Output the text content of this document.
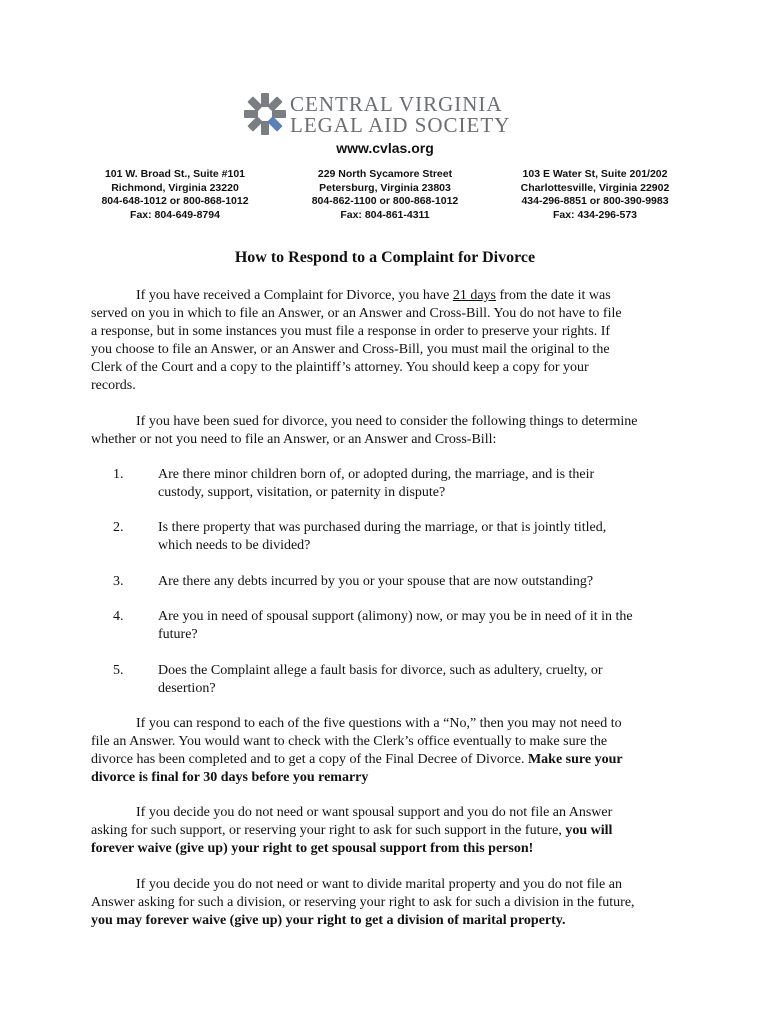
CENTRAL VIRGINIA
LEGAL AID SOCIETY
www.cvlas.org
101 W. Broad St., Suite #101
Richmond, Virginia 23220
804-648-1012 or 800-868-1012
Fax: 804-649-8794
229 North Sycamore Street
Petersburg, Virginia 23803
804-862-1100 or 800-868-1012
Fax: 804-861-4311
103 E Water St, Suite 201/202
Charlottesville, Virginia 22902
434-296-8851 or 800-390-9983
Fax: 434-296-573
How to Respond to a Complaint for Divorce
If you have received a Complaint for Divorce, you have 21 days from the date it was
served on you in which to file an Answer, or an Answer and Cross-Bill. You do not have to file
a response, but in some instances you must file a response in order to preserve your rights. If
you choose to file an Answer, or an Answer and Cross-Bill, you must mail the original to the
Clerk of the Court and a copy to the plaintiff’s attorney. You should keep a copy for your
records.
If you have been sued for divorce, you need to consider the following things to determine
whether or not you need to file an Answer, or an Answer and Cross-Bill:
1. Are there minor children born of, or adopted during, the marriage, and is their
custody, support, visitation, or paternity in dispute?
2. Is there property that was purchased during the marriage, or that is jointly titled,
which needs to be divided?
3. Are there any debts incurred by you or your spouse that are now outstanding?
4. Are you in need of spousal support (alimony) now, or may you be in need of it in the
future?
5. Does the Complaint allege a fault basis for divorce, such as adultery, cruelty, or
desertion?
If you can respond to each of the five questions with a “No,” then you may not need to
file an Answer. You would want to check with the Clerk’s office eventually to make sure the
divorce has been completed and to get a copy of the Final Decree of Divorce. Make sure your
divorce is final for 30 days before you remarry
If you decide you do not need or want spousal support and you do not file an Answer
asking for such support, or reserving your right to ask for such support in the future, you will
forever waive (give up) your right to get spousal support from this person!
If you decide you do not need or want to divide marital property and you do not file an
Answer asking for such a division, or reserving your right to ask for such a division in the future,
you may forever waive (give up) your right to get a division of marital property.
